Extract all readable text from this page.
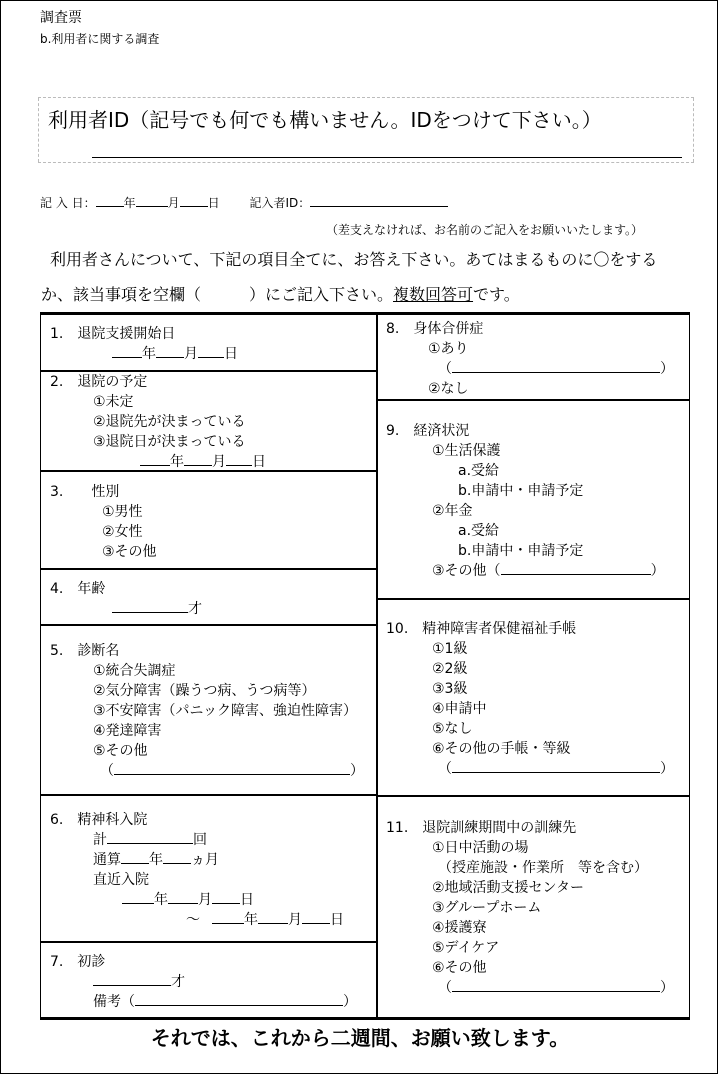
調査票
b.利用者に関する調査
利用者ID（記号でも何でも構いません。IDをつけて下さい。）
記 入 日： 年	月 日 記入者ID：
（差支えなければ、お名前のご記入をお願いいたします。）
利用者さんについて、下記の項目全てに、お答え下さい。あてはまるものに〇をする
か、該当事項を空欄（　　　）にご記入下さい。複数回答可です。
1.　退院支援開始日
年 月 日
2.　退院の予定
①未定
②退院先が決まっている
③退院日が決まっている
年 月 日
3.　　性別
①男性
②女性
③その他
4.　年齢
才
5.　診断名
①統合失調症
②気分障害（躁うつ病、うつ病等）
③不安障害（パニック障害、強迫性障害）
④発達障害
⑤その他
（	）
6.　精神科入院
計	回
通算 年 ヵ月
直近入院
年 月 日
～	年 月 日
7.　初診
才
備考（	）
8.　身体合併症
①あり
（	）
②なし
9.　経済状況
①生活保護
a.受給
b.申請中・申請予定
②年金
a.受給
b.申請中・申請予定
③その他（	）
10.　精神障害者保健福祉手帳
①1級
②2級
③3級
④申請中
⑤なし
⑥その他の手帳・等級
（	）
11.　退院訓練期間中の訓練先
①日中活動の場
（授産施設・作業所　等を含む）
②地域活動支援センター
③グループホーム
④援護寮
⑤デイケア
⑥その他
（	）
それでは、これから二週間、お願い致します。
